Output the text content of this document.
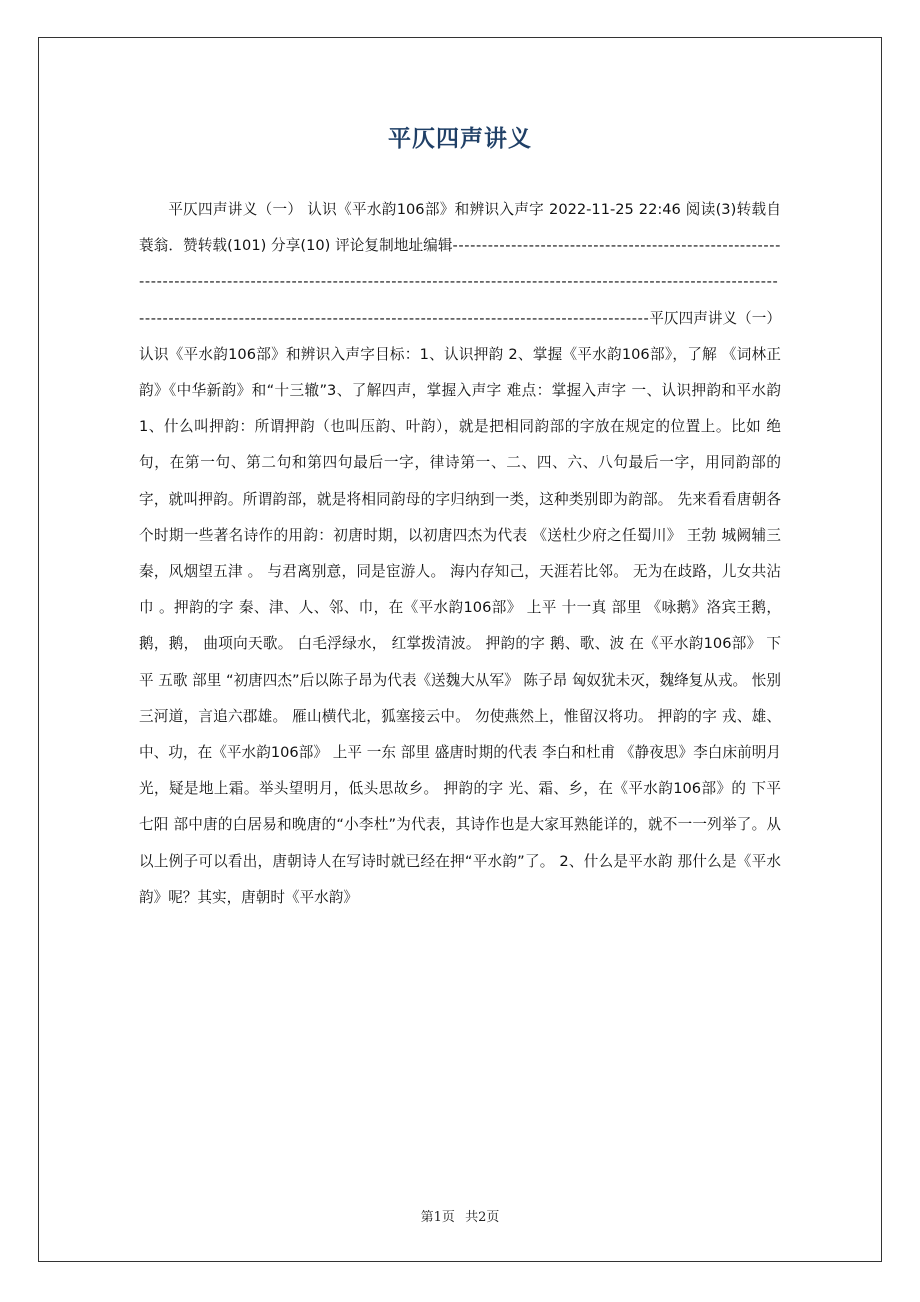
平仄四声讲义
平仄四声讲义（一） 认识《平水韵106部》和辨识入声字 2022-11-25 22:46 阅读(3)转载自蓑翁．赞转载(101) 分享(10) 评论复制地址编辑------------------------------------------------------------------------------------------------------------------------------------------------------------------------------------------------------------------------------------------------------------平仄四声讲义（一） 认识《平水韵106部》和辨识入声字目标：1、认识押韵 2、掌握《平水韵106部》，了解 《词林正韵》《中华新韵》和“十三辙”3、了解四声，掌握入声字 难点：掌握入声字 一、认识押韵和平水韵 1、什么叫押韵：所谓押韵（也叫压韵、叶韵），就是把相同韵部的字放在规定的位置上。比如 绝句，在第一句、第二句和第四句最后一字，律诗第一、二、四、六、八句最后一字，用同韵部的字，就叫押韵。所谓韵部，就是将相同韵母的字归纳到一类，这种类别即为韵部。 先来看看唐朝各个时期一些著名诗作的用韵：初唐时期，以初唐四杰为代表 《送杜少府之任蜀川》 王勃 城阙辅三秦，风烟望五津 。 与君离别意，同是宦游人。 海内存知己，天涯若比邻。 无为在歧路，儿女共沾巾 。押韵的字 秦、津、人、邻、巾，在《平水韵106部》 上平 十一真 部里 《咏鹅》洛宾王鹅，鹅，鹅， 曲项向天歌。 白毛浮绿水， 红掌拨清波。 押韵的字 鹅、歌、波 在《平水韵106部》 下平 五歌 部里 “初唐四杰”后以陈子昂为代表《送魏大从军》 陈子昂 匈奴犹未灭，魏绛复从戎。 怅别三河道，言追六郡雄。 雁山横代北，狐塞接云中。 勿使燕然上，惟留汉将功。 押韵的字 戎、雄、中、功，在《平水韵106部》 上平 一东 部里 盛唐时期的代表 李白和杜甫 《静夜思》李白床前明月光，疑是地上霜。举头望明月，低头思故乡。 押韵的字 光、霜、乡，在《平水韵106部》的 下平 七阳 部中唐的白居易和晚唐的“小李杜”为代表，其诗作也是大家耳熟能详的，就不一一列举了。从以上例子可以看出，唐朝诗人在写诗时就已经在押“平水韵”了。 2、什么是平水韵 那什么是《平水韵》呢？其实，唐朝时《平水韵》
第1页 共2页
